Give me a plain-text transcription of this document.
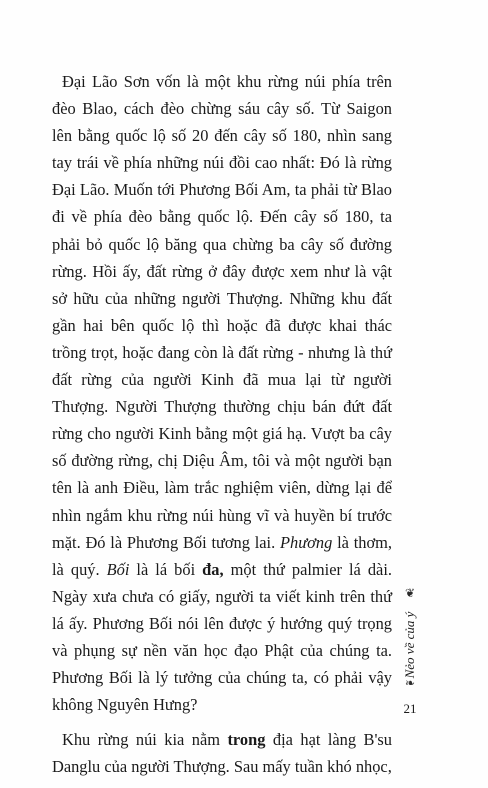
Đại Lão Sơn vốn là một khu rừng núi phía trên đèo Blao, cách đèo chừng sáu cây số. Từ Saigon lên bằng quốc lộ số 20 đến cây số 180, nhìn sang tay trái về phía những núi đồi cao nhất: Đó là rừng Đại Lão. Muốn tới Phương Bối Am, ta phải từ Blao đi về phía đèo bằng quốc lộ. Đến cây số 180, ta phải bỏ quốc lộ băng qua chừng ba cây số đường rừng. Hồi ấy, đất rừng ở đây được xem như là vật sở hữu của những người Thượng. Những khu đất gần hai bên quốc lộ thì hoặc đã được khai thác trồng trọt, hoặc đang còn là đất rừng - nhưng là thứ đất rừng của người Kinh đã mua lại từ người Thượng. Người Thượng thường chịu bán đứt đất rừng cho người Kinh bằng một giá hạ. Vượt ba cây số đường rừng, chị Diệu Âm, tôi và một người bạn tên là anh Điều, làm trắc nghiệm viên, dừng lại để nhìn ngắm khu rừng núi hùng vĩ và huyền bí trước mặt. Đó là Phương Bối tương lai. Phương là thơm, là quý. Bối là lá bối đa, một thứ palmier lá dài. Ngày xưa chưa có giấy, người ta viết kinh trên thứ lá ấy. Phương Bối nói lên được ý hướng quý trọng và phụng sự nền văn học đạo Phật của chúng ta. Phương Bối là lý tưởng của chúng ta, có phải vậy không Nguyên Hưng?

Khu rừng núi kia nằm trong địa hạt làng B'su Danglu của người Thượng. Sau mấy tuần khó nhọc,

❦
Nẻo về của ý
❧
21
